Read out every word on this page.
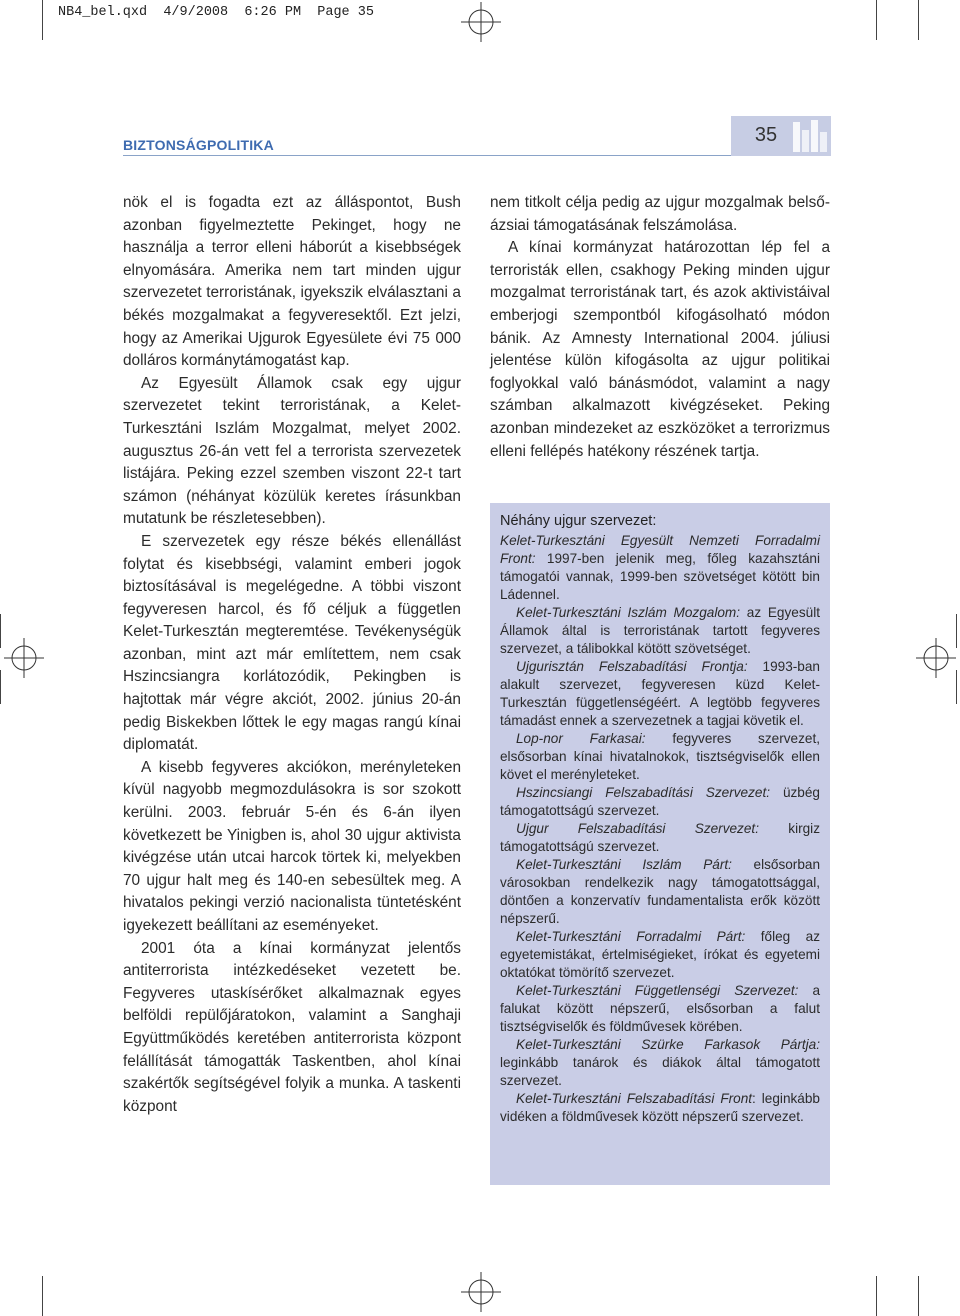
NB4_bel.qxd  4/9/2008  6:26 PM  Page 35
BIZTONSÁGPOLITIKA	35

nök el is fogadta ezt az álláspontot, Bush azonban figyelmeztette Pekinget, hogy ne használja a terror elleni háborút a kisebbségek elnyomására. Amerika nem tart minden ujgur szervezetet terroristának, igyekszik elválasztani a békés mozgalmakat a fegyveresektől. Ezt jelzi, hogy az Amerikai Ujgurok Egyesülete évi 75 000 dolláros kormánytámogatást kap.

Az Egyesült Államok csak egy ujgur szervezetet tekint terroristának, a Kelet-Turkesztáni Iszlám Mozgalmat, melyet 2002. augusztus 26-án vett fel a terrorista szervezetek listájára. Peking ezzel szemben viszont 22-t tart számon (néhányat közülük keretes írásunkban mutatunk be részletesebben).

E szervezetek egy része békés ellenállást folytat és kisebbségi, valamint emberi jogok biztosításával is megelégedne. A többi viszont fegyveresen harcol, és fő céljuk a független Kelet-Turkesztán megteremtése. Tevékenységük azonban, mint azt már említettem, nem csak Hszincsiangra korlátozódik, Pekingben is hajtottak már végre akciót, 2002. június 20-án pedig Biskekben lőttek le egy magas rangú kínai diplomatát.

A kisebb fegyveres akciókon, merényleteken kívül nagyobb megmozdulásokra is sor szokott kerülni. 2003. február 5-én és 6-án ilyen következett be Yinigben is, ahol 30 ujgur aktivista kivégzése után utcai harcok törtek ki, melyekben 70 ujgur halt meg és 140-en sebesültek meg. A hivatalos pekingi verzió nacionalista tüntetésként igyekezett beállítani az eseményeket.

2001 óta a kínai kormányzat jelentős antiterrorista intézkedéseket vezetett be. Fegyveres utaskísérőket alkalmaznak egyes belföldi repülőjáratokon, valamint a Sanghaji Együttműködés keretében antiterrorista központ felállítását támogatták Taskentben, ahol kínai szakértők segítségével folyik a munka. A taskenti központ

nem titkolt célja pedig az ujgur mozgalmak belső-ázsiai támogatásának felszámolása.

A kínai kormányzat határozottan lép fel a terroristák ellen, csakhogy Peking minden ujgur mozgalmat terroristának tart, és azok aktivistáival emberjogi szempontból kifogásolható módon bánik. Az Amnesty International 2004. júliusi jelentése külön kifogásolta az ujgur politikai foglyokkal való bánásmódot, valamint a nagy számban alkalmazott kivégzéseket. Peking azonban mindezeket az eszközöket a terrorizmus elleni fellépés hatékony részének tartja.

Néhány ujgur szervezet:

Kelet-Turkesztáni Egyesült Nemzeti Forradalmi Front: 1997-ben jelenik meg, főleg kazahsztáni támogatói vannak, 1999-ben szövetséget kötött bin Ládennel.

Kelet-Turkesztáni Iszlám Mozgalom: az Egyesült Államok által is terroristának tartott fegyveres szervezet, a tálibokkal kötött szövetséget.

Ujgurisztán Felszabadítási Frontja: 1993-ban alakult szervezet, fegyveresen küzd Kelet-Turkesztán függetlenségéért. A legtöbb fegyveres támadást ennek a szervezetnek a tagjai követik el.

Lop-nor Farkasai: fegyveres szervezet, elsősorban kínai hivatalnokok, tisztségviselők ellen követ el merényleteket.

Hszincsiangi Felszabadítási Szervezet: üzbég támogatottságú szervezet.

Ujgur Felszabadítási Szervezet: kirgiz támogatottságú szervezet.

Kelet-Turkesztáni Iszlám Párt: elsősorban városokban rendelkezik nagy támogatottsággal, döntően a konzervatív fundamentalista erők között népszerű.

Kelet-Turkesztáni Forradalmi Párt: főleg az egyetemistákat, értelmiségieket, írókat és egyetemi oktatókat tömörítő szervezet.

Kelet-Turkesztáni Függetlenségi Szervezet: a falukat között népszerű, elsősorban a falut tisztségviselők és földművesek körében.

Kelet-Turkesztáni Szürke Farkasok Pártja: leginkább tanárok és diákok által támogatott szervezet.

Kelet-Turkesztáni Felszabadítási Front: leginkább vidéken a földművesek között népszerű szervezet.
